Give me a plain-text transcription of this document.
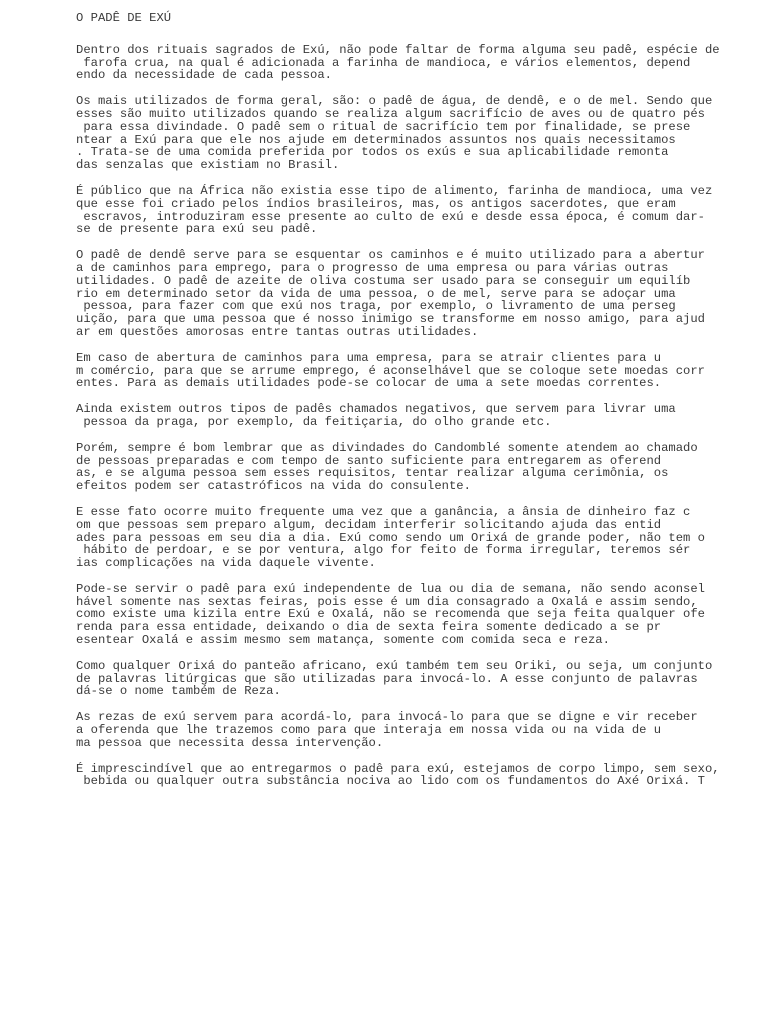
O PADÊ DE EXÚ
Dentro dos rituais sagrados de Exú, não pode faltar de forma alguma seu padê, espécie de
farofa crua, na qual é adicionada a farinha de mandioca, e vários elementos, depend
endo da necessidade de cada pessoa.
Os mais utilizados de forma geral, são: o padê de água, de dendê, e o de mel. Sendo que
esses são muito utilizados quando se realiza algum sacrifício de aves ou de quatro pés
para essa divindade. O padê sem o ritual de sacrifício tem por finalidade, se prese
ntear a Exú para que ele nos ajude em determinados assuntos nos quais necessitamos
. Trata-se de uma comida preferida por todos os exús e sua aplicabilidade remonta
das senzalas que existiam no Brasil.
É público que na África não existia esse tipo de alimento, farinha de mandioca, uma vez
que esse foi criado pelos índios brasileiros, mas, os antigos sacerdotes, que eram
escravos, introduziram esse presente ao culto de exú e desde essa época, é comum dar-
se de presente para exú seu padê.
O padê de dendê serve para se esquentar os caminhos e é muito utilizado para a abertur
a de caminhos para emprego, para o progresso de uma empresa ou para várias outras
utilidades. O padê de azeite de oliva costuma ser usado para se conseguir um equilíb
rio em determinado setor da vida de uma pessoa, o de mel, serve para se adoçar uma
pessoa, para fazer com que exú nos traga, por exemplo, o livramento de uma perseg
uição, para que uma pessoa que é nosso inimigo se transforme em nosso amigo, para ajud
ar em questões amorosas entre tantas outras utilidades.
Em caso de abertura de caminhos para uma empresa, para se atrair clientes para u
m comércio, para que se arrume emprego, é aconselhável que se coloque sete moedas corr
entes. Para as demais utilidades pode-se colocar de uma a sete moedas correntes.
Ainda existem outros tipos de padês chamados negativos, que servem para livrar uma
pessoa da praga, por exemplo, da feitiçaria, do olho grande etc.
Porém, sempre é bom lembrar que as divindades do Candomblé somente atendem ao chamado
de pessoas preparadas e com tempo de santo suficiente para entregarem as oferend
as, e se alguma pessoa sem esses requisitos, tentar realizar alguma cerimônia, os
efeitos podem ser catastróficos na vida do consulente.
E esse fato ocorre muito frequente uma vez que a ganância, a ânsia de dinheiro faz c
om que pessoas sem preparo algum, decidam interferir solicitando ajuda das entid
ades para pessoas em seu dia a dia. Exú como sendo um Orixá de grande poder, não tem o
hábito de perdoar, e se por ventura, algo for feito de forma irregular, teremos sér
ias complicações na vida daquele vivente.
Pode-se servir o padê para exú independente de lua ou dia de semana, não sendo aconsel
hável somente nas sextas feiras, pois esse é um dia consagrado a Oxalá e assim sendo,
como existe uma kizila entre Exú e Oxalá, não se recomenda que seja feita qualquer ofe
renda para essa entidade, deixando o dia de sexta feira somente dedicado a se pr
esentear Oxalá e assim mesmo sem matança, somente com comida seca e reza.
Como qualquer Orixá do panteão africano, exú também tem seu Oriki, ou seja, um conjunto
de palavras litúrgicas que são utilizadas para invocá-lo. A esse conjunto de palavras
dá-se o nome também de Reza.
As rezas de exú servem para acordá-lo, para invocá-lo para que se digne e vir receber
a oferenda que lhe trazemos como para que interaja em nossa vida ou na vida de u
ma pessoa que necessita dessa intervenção.
É imprescindível que ao entregarmos o padê para exú, estejamos de corpo limpo, sem sexo,
bebida ou qualquer outra substância nociva ao lido com os fundamentos do Axé Orixá. T
